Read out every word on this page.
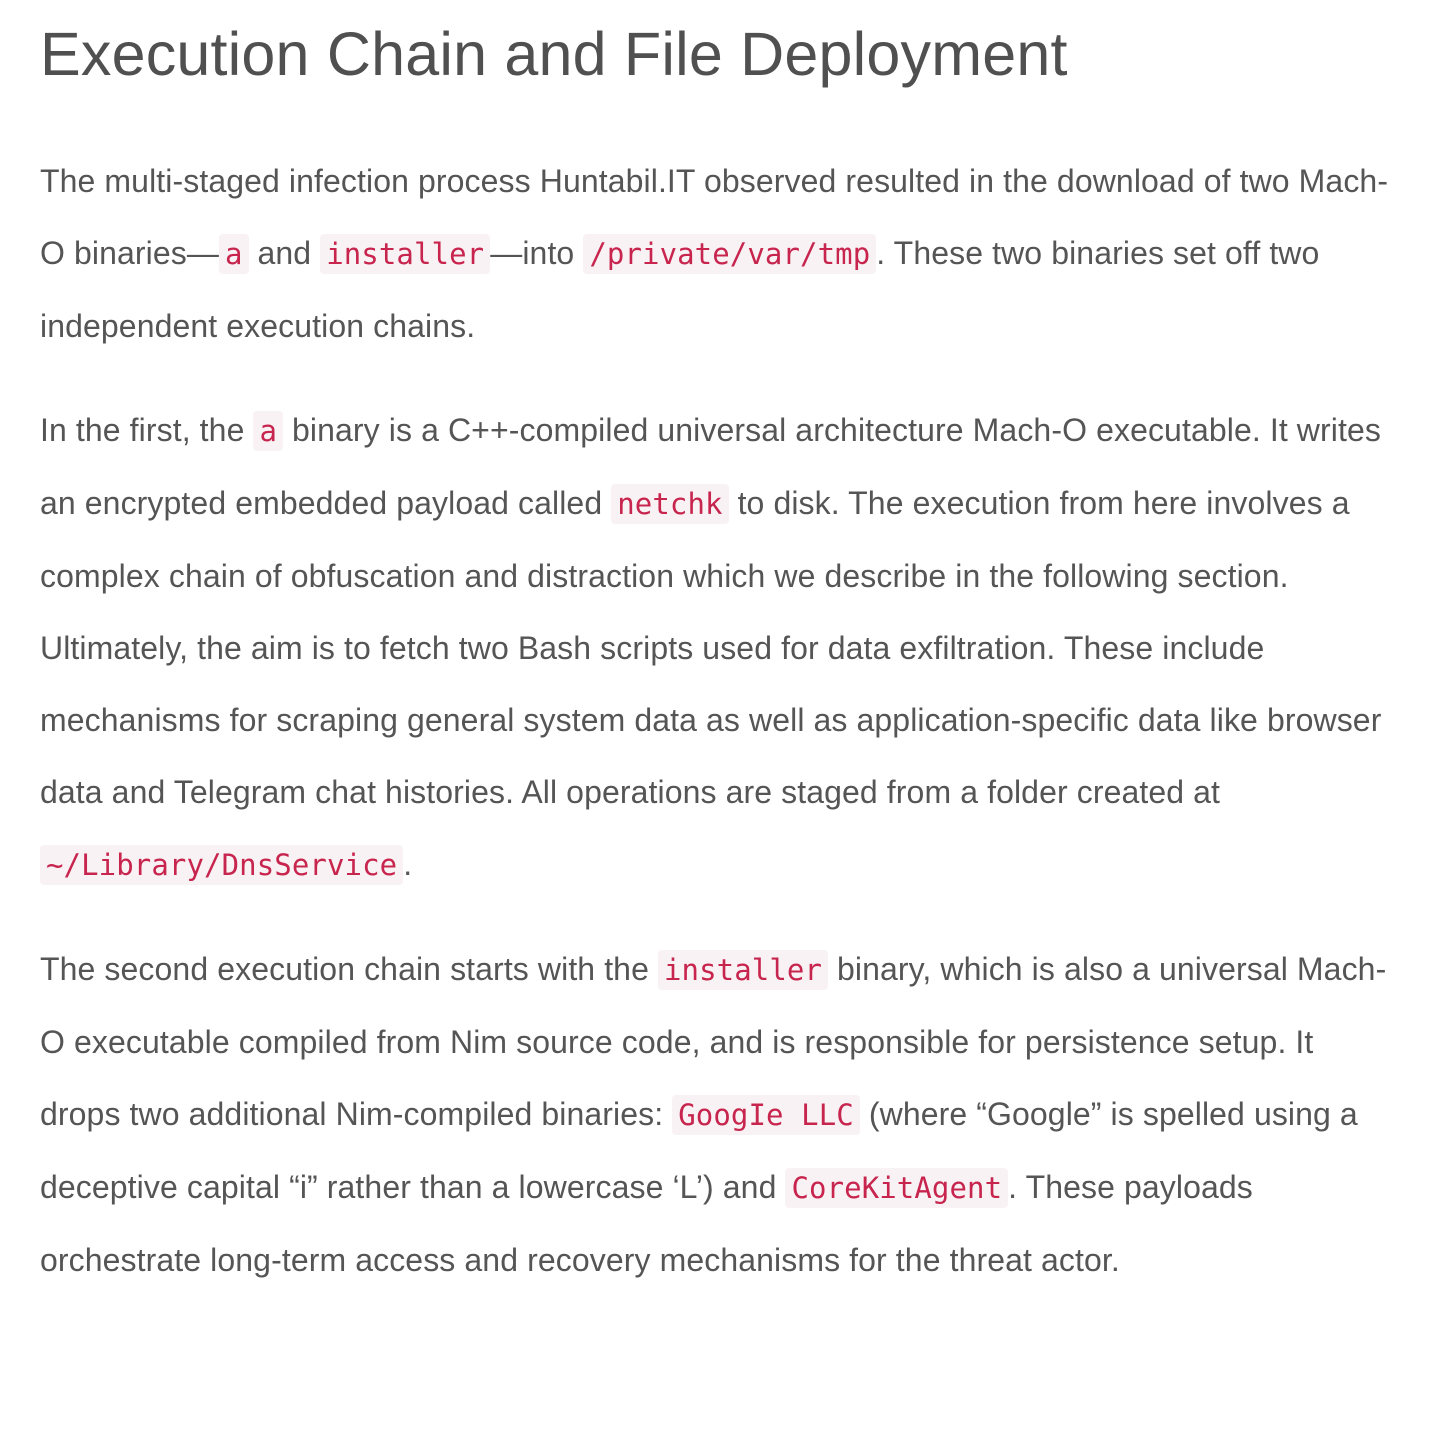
Execution Chain and File Deployment

The multi-staged infection process Huntabil.IT observed resulted in the download of two Mach-O binaries— a and installer —into /private/var/tmp . These two binaries set off two independent execution chains.

In the first, the a binary is a C++-compiled universal architecture Mach-O executable. It writes an encrypted embedded payload called netchk to disk. The execution from here involves a complex chain of obfuscation and distraction which we describe in the following section. Ultimately, the aim is to fetch two Bash scripts used for data exfiltration. These include mechanisms for scraping general system data as well as application-specific data like browser data and Telegram chat histories. All operations are staged from a folder created at ~/Library/DnsService .

The second execution chain starts with the installer binary, which is also a universal Mach-O executable compiled from Nim source code, and is responsible for persistence setup. It drops two additional Nim-compiled binaries: GoogIe LLC (where “Google” is spelled using a deceptive capital “i” rather than a lowercase ‘L’) and CoreKitAgent . These payloads orchestrate long-term access and recovery mechanisms for the threat actor.
